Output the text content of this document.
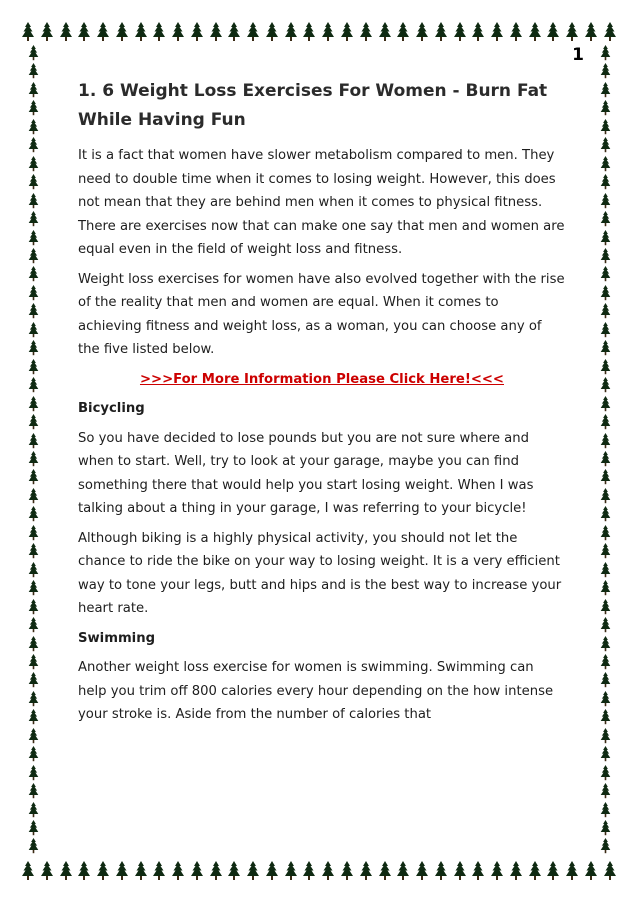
1
1. 6 Weight Loss Exercises For Women - Burn Fat While Having Fun

It is a fact that women have slower metabolism compared to men. They need to double time when it comes to losing weight. However, this does not mean that they are behind men when it comes to physical fitness. There are exercises now that can make one say that men and women are equal even in the field of weight loss and fitness.

Weight loss exercises for women have also evolved together with the rise of the reality that men and women are equal. When it comes to achieving fitness and weight loss, as a woman, you can choose any of the five listed below.

>>>For More Information Please Click Here!<<<
Bicycling

So you have decided to lose pounds but you are not sure where and when to start. Well, try to look at your garage, maybe you can find something there that would help you start losing weight. When I was talking about a thing in your garage, I was referring to your bicycle!

Although biking is a highly physical activity, you should not let the chance to ride the bike on your way to losing weight. It is a very efficient way to tone your legs, butt and hips and is the best way to increase your heart rate.

Swimming

Another weight loss exercise for women is swimming. Swimming can help you trim off 800 calories every hour depending on the how intense your stroke is. Aside from the number of calories that
